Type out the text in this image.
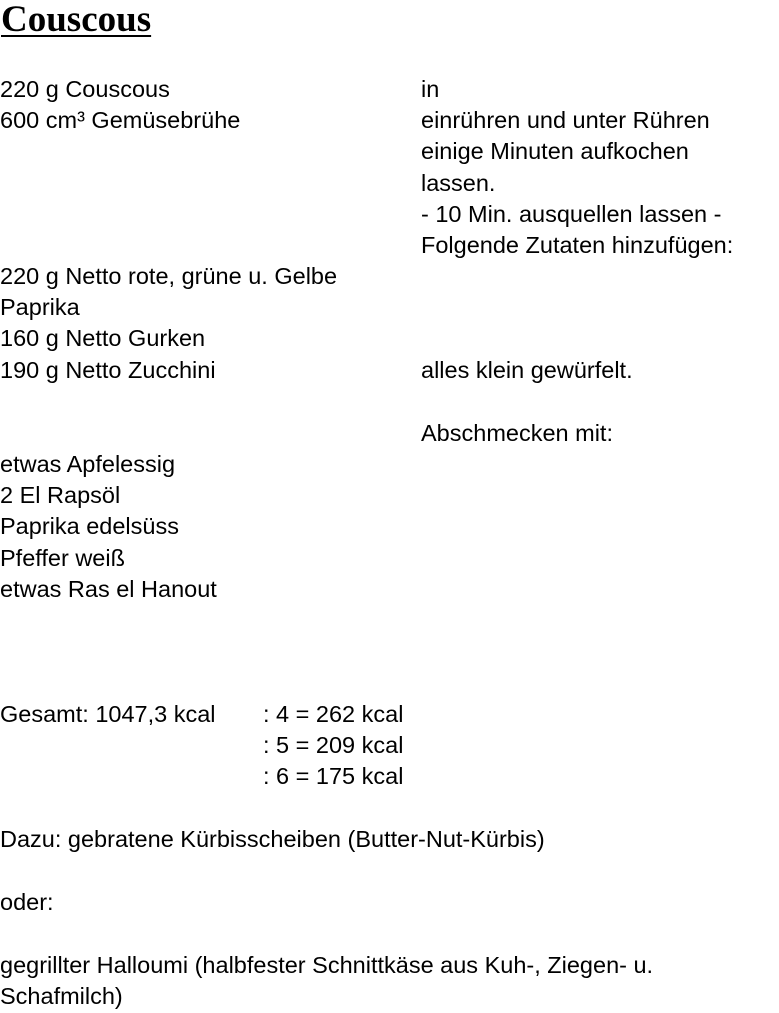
Couscous
220 g Couscous
600 cm³ Gemüsebrühe
in
einrühren und unter Rühren
einige Minuten aufkochen
lassen.
- 10 Min. ausquellen lassen -
Folgende Zutaten hinzufügen:
220 g Netto rote, grüne u. Gelbe
Paprika
160 g Netto Gurken
190 g Netto Zucchini	alles klein gewürfelt.
Abschmecken mit:
etwas Apfelessig
2 El Rapsöl
Paprika edelsüss
Pfeffer weiß
etwas Ras el Hanout
Gesamt: 1047,3 kcal : 4 = 262 kcal
: 5 = 209 kcal
: 6 = 175 kcal
Dazu: gebratene Kürbisscheiben (Butter-Nut-Kürbis)
oder:
gegrillter Halloumi (halbfester Schnittkäse aus Kuh-, Ziegen- u.
Schafmilch)
